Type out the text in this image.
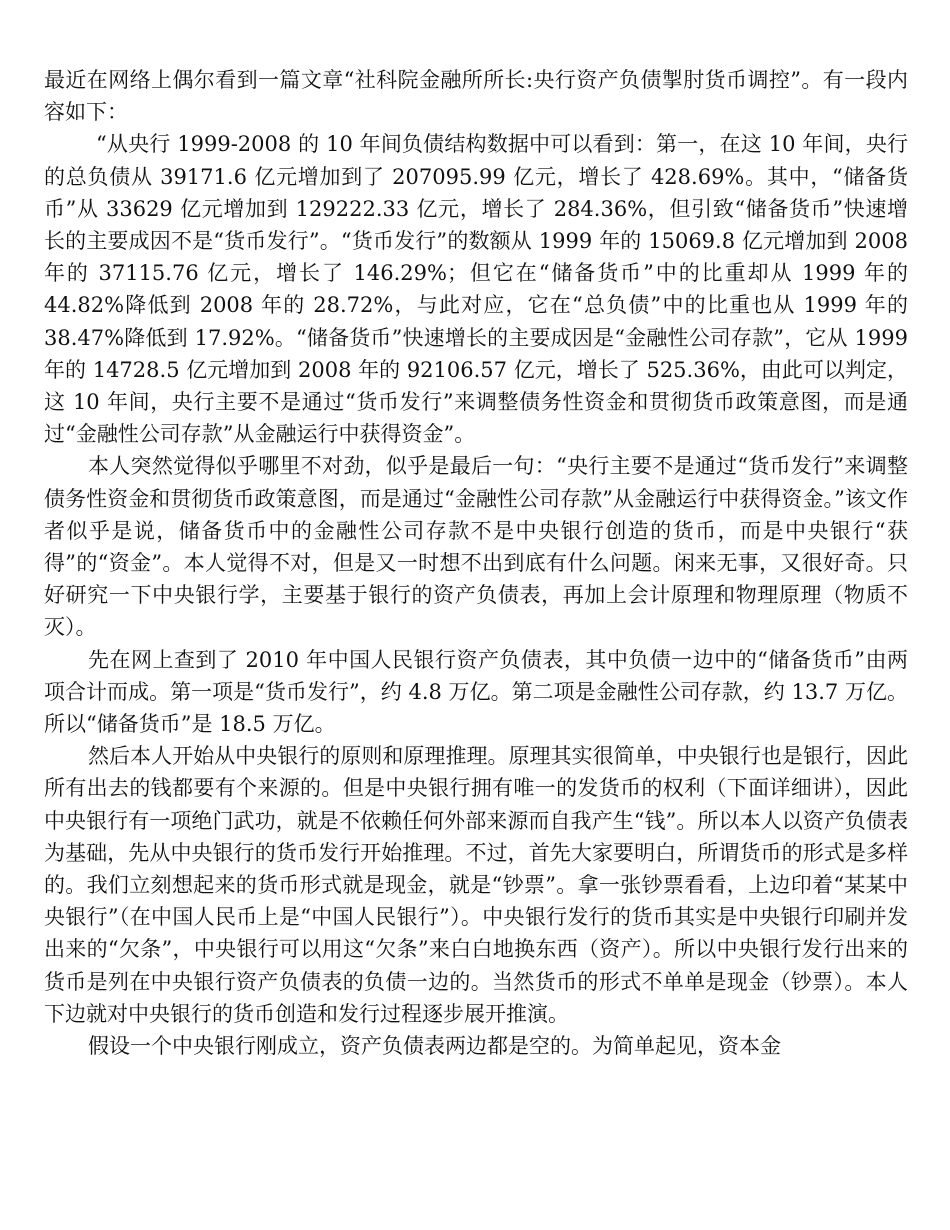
最近在网络上偶尔看到一篇文章“社科院金融所所长:央行资产负债掣肘货币调控”。有一段内容如下：

“从央行 1999-2008 的 10 年间负债结构数据中可以看到：第一，在这 10 年间，央行的总负债从 39171.6 亿元增加到了 207095.99 亿元，增长了 428.69%。其中，“储备货币”从 33629 亿元增加到 129222.33 亿元，增长了 284.36%，但引致“储备货币”快速增长的主要成因不是“货币发行”。“货币发行”的数额从 1999 年的 15069.8 亿元增加到 2008 年的 37115.76 亿元，增长了 146.29%；但它在“储备货币”中的比重却从 1999 年的 44.82%降低到 2008 年的 28.72%，与此对应，它在“总负债”中的比重也从 1999 年的 38.47%降低到 17.92%。“储备货币”快速增长的主要成因是“金融性公司存款”，它从 1999 年的 14728.5 亿元增加到 2008 年的 92106.57 亿元，增长了 525.36%，由此可以判定，这 10 年间，央行主要不是通过“货币发行”来调整债务性资金和贯彻货币政策意图，而是通过“金融性公司存款”从金融运行中获得资金”。

本人突然觉得似乎哪里不对劲，似乎是最后一句：“央行主要不是通过“货币发行”来调整债务性资金和贯彻货币政策意图，而是通过“金融性公司存款”从金融运行中获得资金。”该文作者似乎是说，储备货币中的金融性公司存款不是中央银行创造的货币，而是中央银行“获得”的“资金”。本人觉得不对，但是又一时想不出到底有什么问题。闲来无事，又很好奇。只好研究一下中央银行学，主要基于银行的资产负债表，再加上会计原理和物理原理（物质不灭）。

先在网上查到了 2010 年中国人民银行资产负债表，其中负债一边中的“储备货币”由两项合计而成。第一项是“货币发行”，约 4.8 万亿。第二项是金融性公司存款，约 13.7 万亿。所以“储备货币”是 18.5 万亿。

然后本人开始从中央银行的原则和原理推理。原理其实很简单，中央银行也是银行，因此所有出去的钱都要有个来源的。但是中央银行拥有唯一的发货币的权利（下面详细讲），因此中央银行有一项绝门武功，就是不依赖任何外部来源而自我产生“钱”。所以本人以资产负债表为基础，先从中央银行的货币发行开始推理。不过，首先大家要明白，所谓货币的形式是多样的。我们立刻想起来的货币形式就是现金，就是“钞票”。拿一张钞票看看，上边印着“某某中央银行”（在中国人民币上是“中国人民银行”）。中央银行发行的货币其实是中央银行印刷并发出来的“欠条”，中央银行可以用这“欠条”来白白地换东西（资产）。所以中央银行发行出来的货币是列在中央银行资产负债表的负债一边的。当然货币的形式不单单是现金（钞票）。本人下边就对中央银行的货币创造和发行过程逐步展开推演。

假设一个中央银行刚成立，资产负债表两边都是空的。为简单起见，资本金
